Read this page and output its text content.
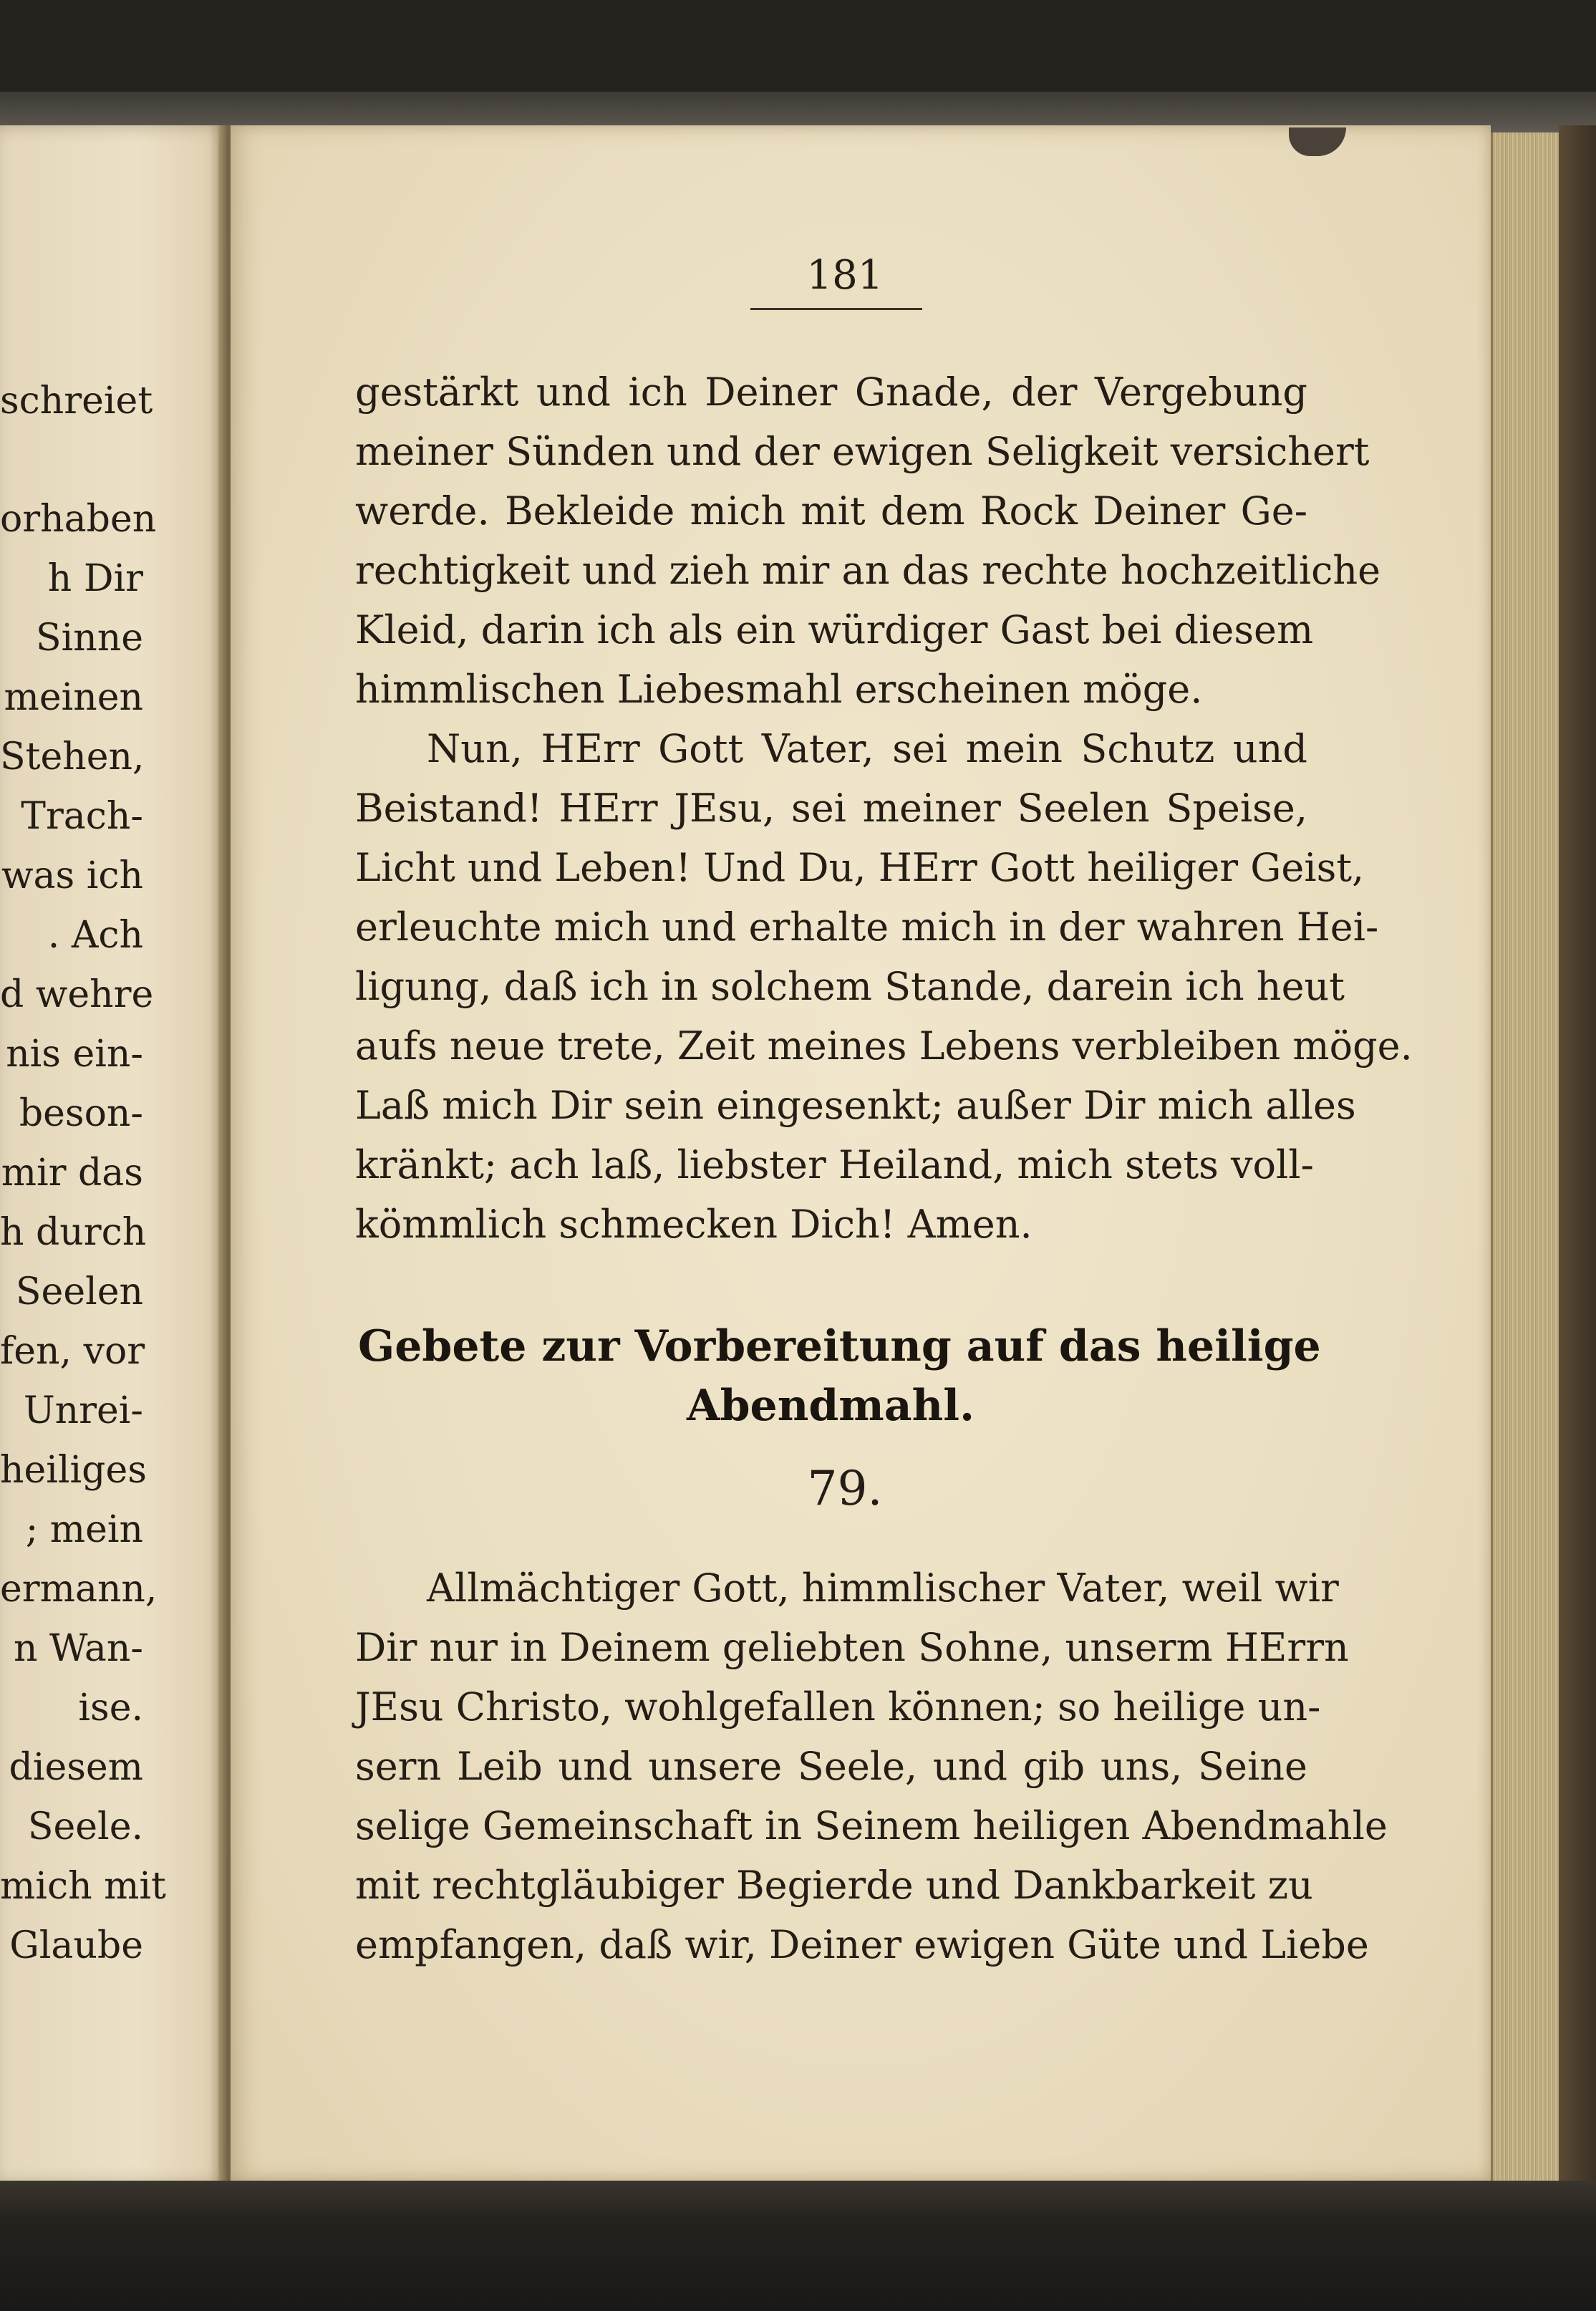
schreiet
orhaben
h Dir
Sinne
meinen
Stehen,
Trach-
was ich
. Ach
d wehre
nis ein-
beson-
mir das
h durch
Seelen
fen, vor
Unrei-
heiliges
; mein
ermann,
n Wan-
ise.
diesem
Seele.
mich mit
Glaube
181
gestärkt und ich Deiner Gnade, der Vergebung
meiner Sünden und der ewigen Seligkeit versichert
werde. Bekleide mich mit dem Rock Deiner Ge-
rechtigkeit und zieh mir an das rechte hochzeitliche
Kleid, darin ich als ein würdiger Gast bei diesem
himmlischen Liebesmahl erscheinen möge.
Nun, HErr Gott Vater, sei mein Schutz und
Beistand! HErr JEsu, sei meiner Seelen Speise,
Licht und Leben! Und Du, HErr Gott heiliger Geist,
erleuchte mich und erhalte mich in der wahren Hei-
ligung, daß ich in solchem Stande, darein ich heut
aufs neue trete, Zeit meines Lebens verbleiben möge.
Laß mich Dir sein eingesenkt; außer Dir mich alles
kränkt; ach laß, liebster Heiland, mich stets voll-
kömmlich schmecken Dich! Amen.
Gebete zur Vorbereitung auf das heilige
Abendmahl.
79.
Allmächtiger Gott, himmlischer Vater, weil wir
Dir nur in Deinem geliebten Sohne, unserm HErrn
JEsu Christo, wohlgefallen können; so heilige un-
sern Leib und unsere Seele, und gib uns, Seine
selige Gemeinschaft in Seinem heiligen Abendmahle
mit rechtgläubiger Begierde und Dankbarkeit zu
empfangen, daß wir, Deiner ewigen Güte und Liebe
